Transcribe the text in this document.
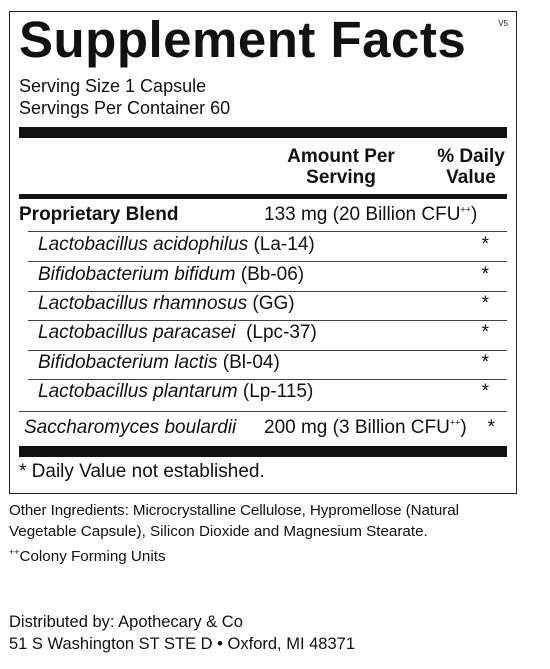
Supplement Facts	V5
Serving Size 1 Capsule
Servings Per Container 60
Amount Per
Serving
% Daily
Value
Proprietary Blend	133 mg (20 Billion CFU++)
Lactobacillus acidophilus (La-14)	*
Bifidobacterium bifidum (Bb-06)	*
Lactobacillus rhamnosus (GG)	*
Lactobacillus paracasei  (Lpc-37)	*
Bifidobacterium lactis (Bl-04)	*
Lactobacillus plantarum (Lp-115)	*
Saccharomyces boulardii 200 mg (3 Billion CFU++) *
* Daily Value not established.
Other Ingredients: Microcrystalline Cellulose, Hypromellose (Natural
Vegetable Capsule), Silicon Dioxide and Magnesium Stearate.
++Colony Forming Units
Distributed by: Apothecary & Co
51 S Washington ST STE D • Oxford, MI 48371
